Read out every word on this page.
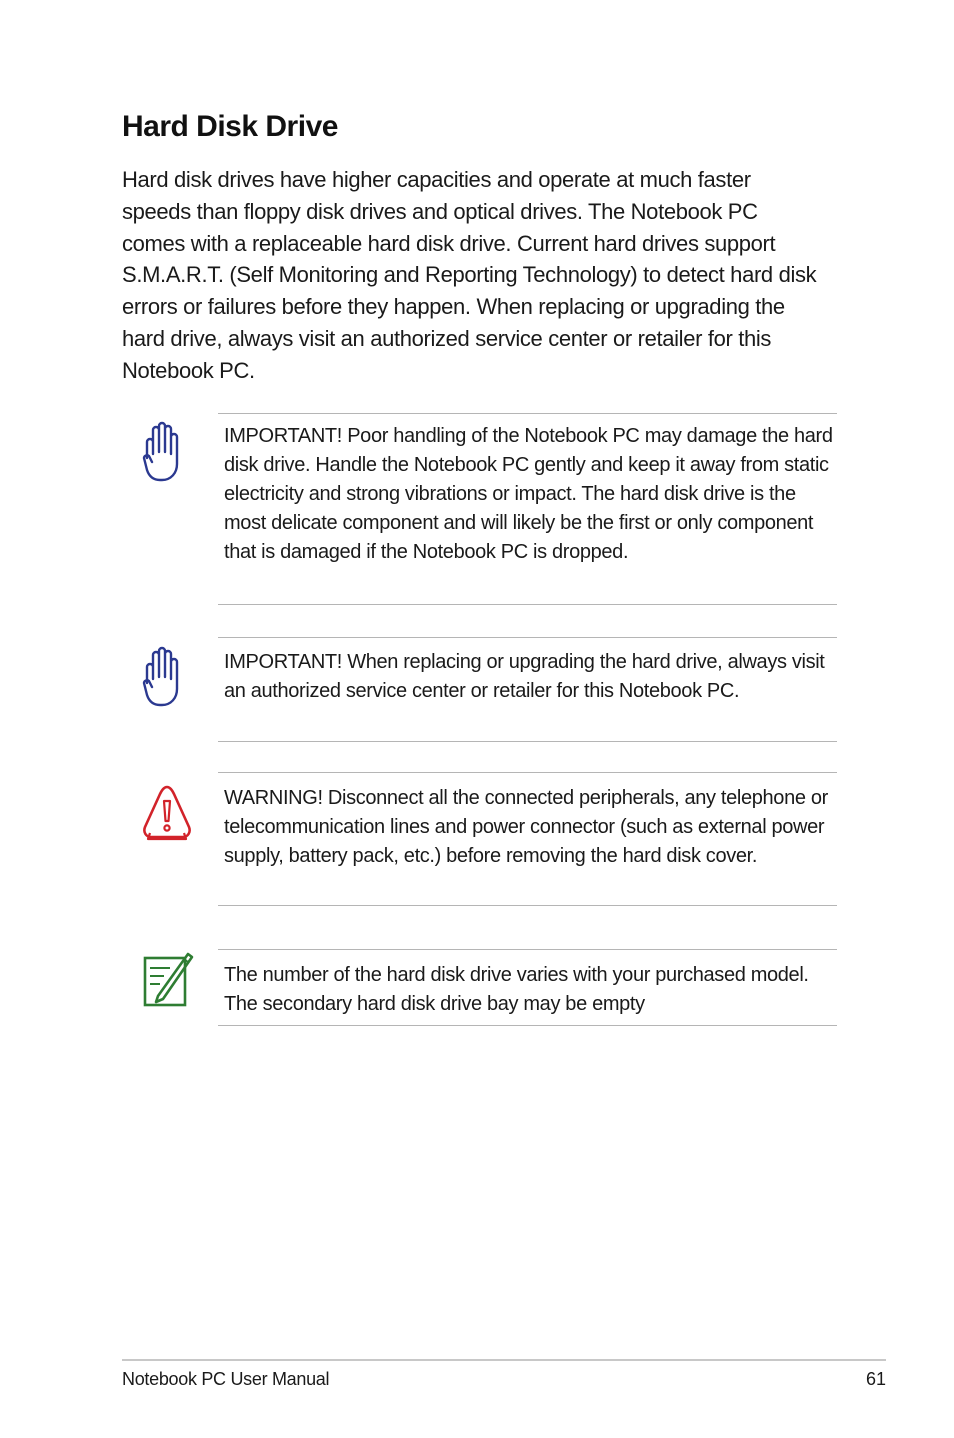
Hard Disk Drive

Hard disk drives have higher capacities and operate at much faster speeds than floppy disk drives and optical drives. The Notebook PC comes with a replaceable hard disk drive. Current hard drives support S.M.A.R.T. (Self Monitoring and Reporting Technology) to detect hard disk errors or failures before they happen. When replacing or upgrading the hard drive, always visit an authorized service center or retailer for this Notebook PC.

IMPORTANT! Poor handling of the Notebook PC may damage the hard disk drive. Handle the Notebook PC gently and keep it away from static electricity and strong vibrations or impact. The hard disk drive is the most delicate component and will likely be the first or only component that is damaged if the Notebook PC is dropped.

IMPORTANT! When replacing or upgrading the hard drive, always visit an authorized service center or retailer for this Notebook PC.

WARNING! Disconnect all the connected peripherals, any telephone or telecommunication lines and power connector (such as external power supply, battery pack, etc.) before removing the hard disk cover.

The number of the hard disk drive varies with your purchased model. The secondary hard disk drive bay may be empty

Notebook PC User Manual	61
